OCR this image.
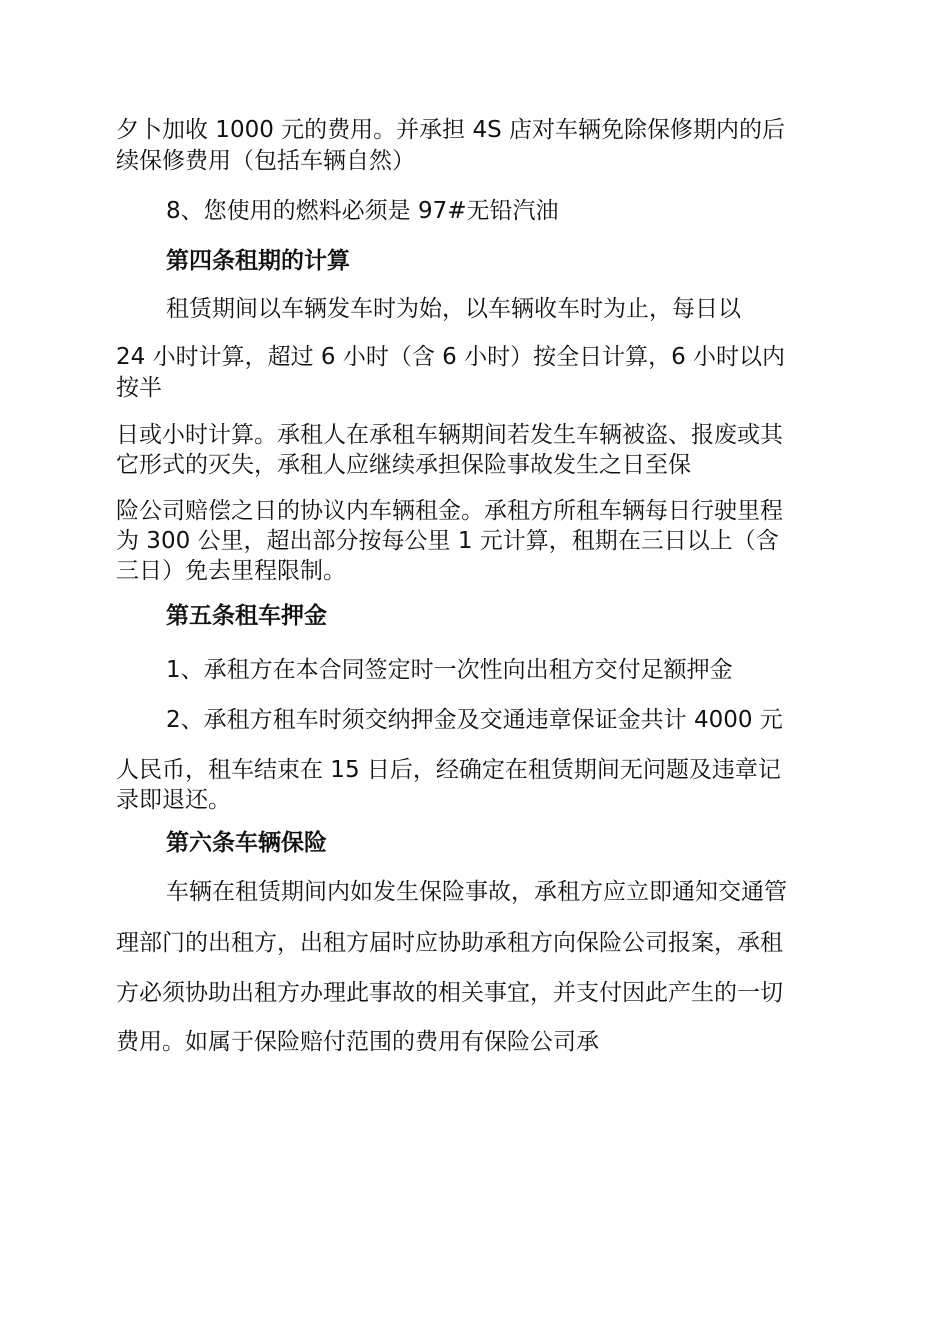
夕卜加收 1000 元的费用。并承担 4S 店对车辆免除保修期内的后

续保修费用（包括车辆自然）

8、您使用的燃料必须是 97#无铅汽油

第四条租期的计算

租赁期间以车辆发车时为始，以车辆收车时为止，每日以

24 小时计算，超过 6 小时（含 6 小时）按全日计算，6 小时以内

按半

日或小时计算。承租人在承租车辆期间若发生车辆被盗、报废或其

它形式的灭失，承租人应继续承担保险事故发生之日至保

险公司赔偿之日的协议内车辆租金。承租方所租车辆每日行驶里程

为 300 公里，超出部分按每公里 1 元计算，租期在三日以上（含

三日）免去里程限制。

第五条租车押金

1、承租方在本合同签定时一次性向出租方交付足额押金

2、承租方租车时须交纳押金及交通违章保证金共计 4000 元

人民币，租车结束在 15 日后，经确定在租赁期间无问题及违章记

录即退还。

第六条车辆保险

车辆在租赁期间内如发生保险事故，承租方应立即通知交通管

理部门的出租方，出租方届时应协助承租方向保险公司报案，承租

方必须协助出租方办理此事故的相关事宜，并支付因此产生的一切

费用。如属于保险赔付范围的费用有保险公司承
